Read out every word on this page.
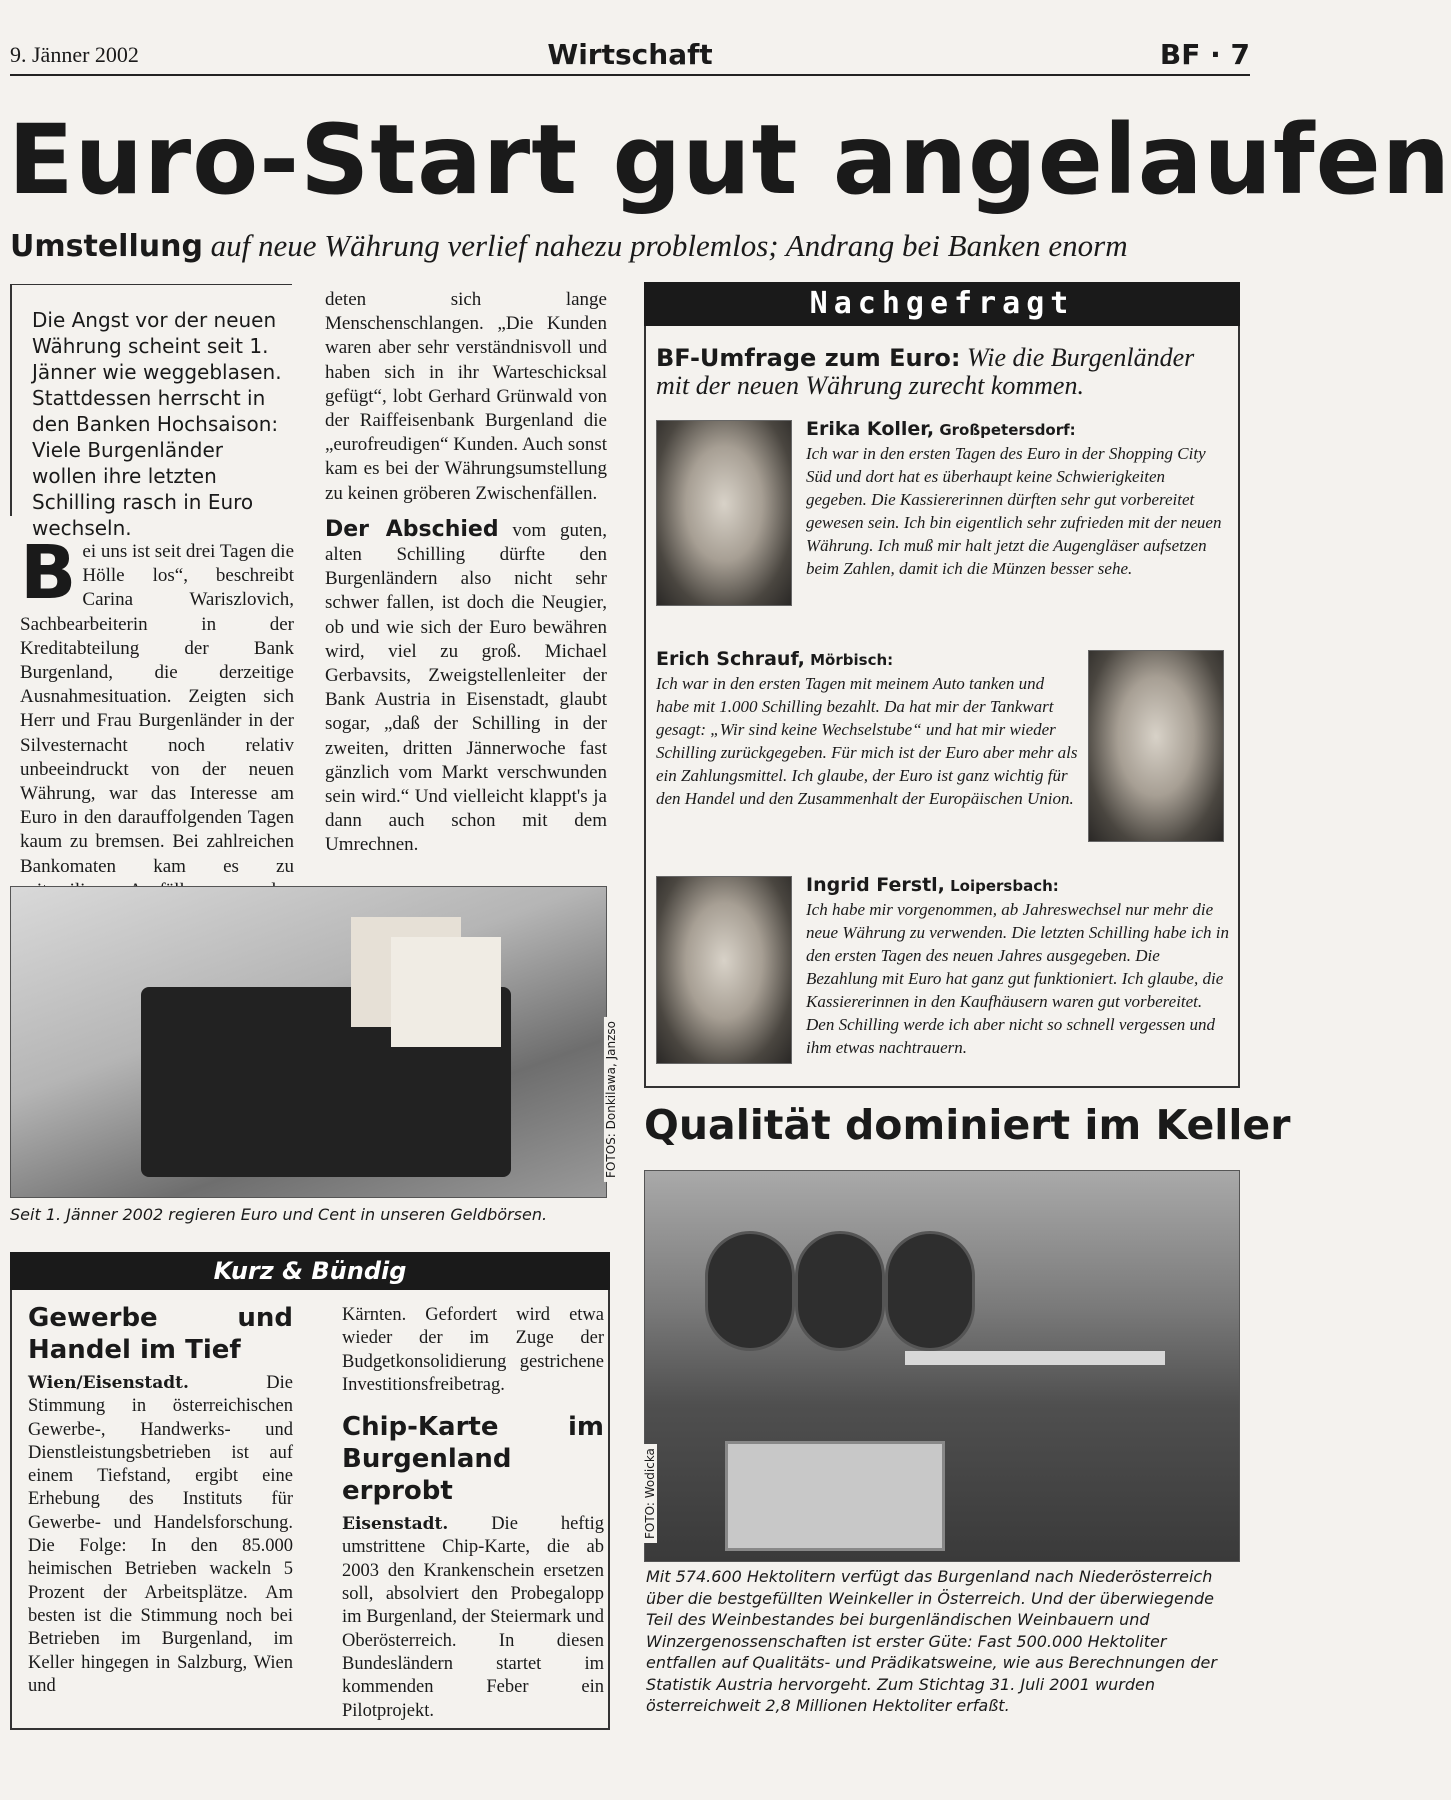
9. Jänner 2002	Wirtschaft	BF · 7
Euro-Start gut angelaufen
Umstellung auf neue Währung verlief nahezu problemlos; Andrang bei Banken enorm
Die Angst vor der neuen Währung scheint seit 1. Jänner wie weggeblasen. Stattdessen herrscht in den Banken Hochsaison: Viele Burgenländer wollen ihre letzten Schilling rasch in Euro wechseln.
Bei uns ist seit drei Tagen die Hölle los“, beschreibt Carina Wariszlovich, Sachbearbeiterin in der Kreditabteilung der Bank Burgenland, die derzeitige Ausnahmesituation. Zeigten sich Herr und Frau Burgenländer in der Silvesternacht noch relativ unbeeindruckt von der neuen Währung, war das Interesse am Euro in den darauffolgenden Tagen kaum zu bremsen. Bei zahlreichen Bankomaten kam es zu
deten sich lange Menschenschlangen. „Die Kunden waren aber sehr verständnisvoll und haben sich in ihr Warteschicksal gefügt“, lobt Gerhard Grünwald von der Raiffeisenbank Burgenland die „eurofreudigen“ Kunden. Auch sonst kam es bei der Währungsumstellung zu keinen gröberen Zwischenfällen.
Der Abschied vom guten, alten Schilling dürfte den Burgenländern also nicht sehr schwer fallen, ist doch die Neugier, ob und wie sich der Euro bewähren wird, viel zu groß. Michael Gerbavsits, Zweigstellenleiter der Bank Austria in Eisenstadt, glaubt sogar, „daß der Schilling in der zweiten, dritten Jännerwoche fast gänzlich vom Markt verschwunden sein wird.“ Und vielleicht klappt's ja dann auch schon mit dem Umrechnen.
FOTOS: Donkilawa, Janzso
Seit 1. Jänner 2002 regieren Euro und Cent in unseren Geldbörsen.
Kurz & Bündig
Gewerbe und Handel im Tief
Wien/Eisenstadt. Die Stimmung in österreichischen Gewerbe-, Handwerks- und Dienstleistungsbetrieben ist auf einem Tiefstand, ergibt eine Erhebung des Instituts für Gewerbe- und Handelsforschung. Die Folge: In den 85.000 heimischen Betrieben wackeln 5 Prozent der Arbeitsplätze. Am besten ist die Stimmung noch bei Betrieben im Burgenland, im Keller hingegen in Salzburg, Wien und
Kärnten. Gefordert wird etwa wieder der im Zuge der Budgetkonsolidierung gestrichene Investitionsfreibetrag.
Chip-Karte im Burgenland erprobt
Eisenstadt. Die heftig umstrittene Chip-Karte, die ab 2003 den Krankenschein ersetzen soll, absolviert den Probegalopp im Burgenland, der Steiermark und Oberösterreich. In diesen Bundesländern startet im kommenden Feber ein Pilotprojekt.
Nachgefragt
BF-Umfrage zum Euro: Wie die Burgenländer mit der neuen Währung zurecht kommen.
Erika Koller, Großpetersdorf:
Ich war in den ersten Tagen des Euro in der Shopping City Süd und dort hat es überhaupt keine Schwierigkeiten gegeben. Die Kassiererinnen dürften sehr gut vorbereitet gewesen sein. Ich bin eigentlich sehr zufrieden mit der neuen Währung. Ich muß mir halt jetzt die Augengläser aufsetzen beim Zahlen, damit ich die Münzen besser sehe.
Erich Schrauf, Mörbisch:
Ich war in den ersten Tagen mit meinem Auto tanken und habe mit 1.000 Schilling bezahlt. Da hat mir der Tankwart gesagt: „Wir sind keine Wechselstube“ und hat mir wieder Schilling zurückgegeben. Für mich ist der Euro aber mehr als ein Zahlungsmittel. Ich glaube, der Euro ist ganz wichtig für den Handel und den Zusammenhalt der Europäischen Union.
Ingrid Ferstl, Loipersbach:
Ich habe mir vorgenommen, ab Jahreswechsel nur mehr die neue Währung zu verwenden. Die letzten Schilling habe ich in den ersten Tagen des neuen Jahres ausgegeben. Die Bezahlung mit Euro hat ganz gut funktioniert. Ich glaube, die Kassiererinnen in den Kaufhäusern waren gut vorbereitet. Den Schilling werde ich aber nicht so schnell vergessen und ihm etwas nachtrauern.
Qualität dominiert im Keller
FOTO: Wodicka
Mit 574.600 Hektolitern verfügt das Burgenland nach Niederösterreich über die bestgefüllten Weinkeller in Österreich. Und der überwiegende Teil des Weinbestandes bei burgenländischen Weinbauern und Winzergenossenschaften ist erster Güte: Fast 500.000 Hektoliter entfallen auf Qualitäts- und Prädikatsweine, wie aus Berechnungen der Statistik Austria hervorgeht. Zum Stichtag 31. Juli 2001 wurden österreichweit 2,8 Millionen Hektoliter erfaßt.
